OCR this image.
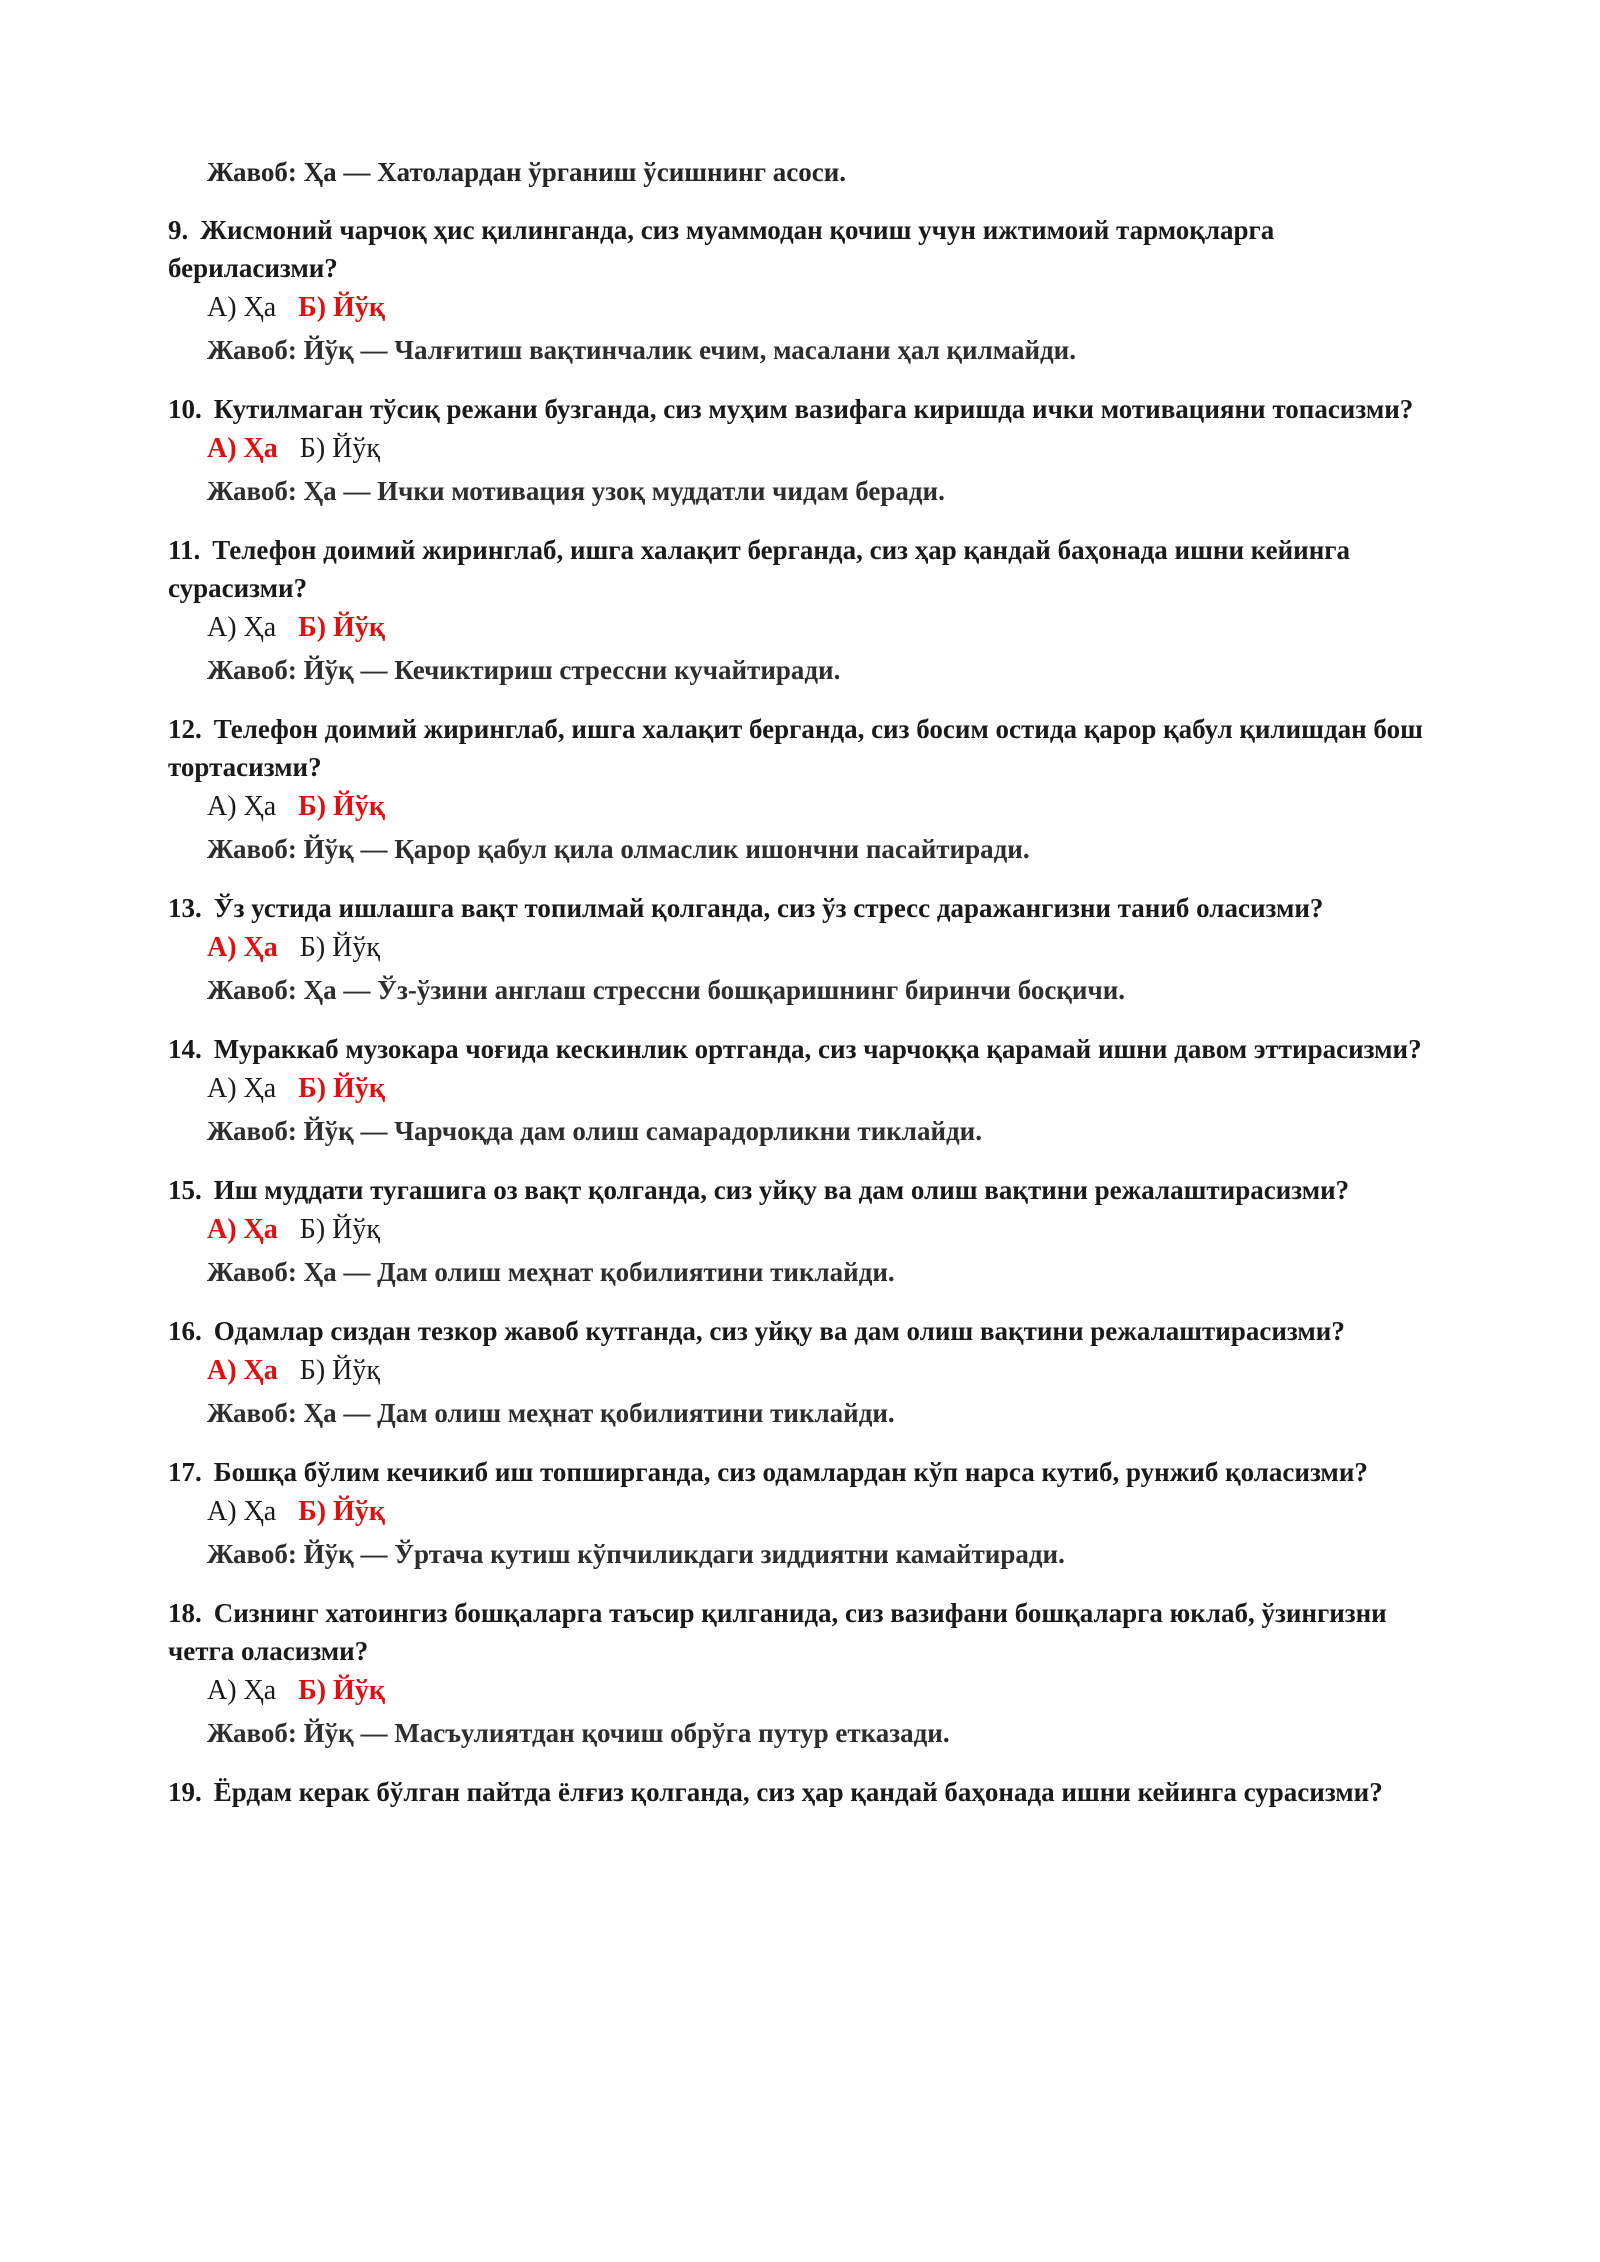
Жавоб: Ҳа — Хатолардан ўрганиш ўсишнинг асоси.
9. Жисмоний чарчоқ ҳис қилинганда, сиз муаммодан қочиш учун ижтимоий тармоқларга бериласизми?
А) Ҳа Б) Йўқ
Жавоб: Йўқ — Чалғитиш вақтинчалик ечим, масалани ҳал қилмайди.
10. Кутилмаган тўсиқ режани бузганда, сиз муҳим вазифага киришда ички мотивацияни топасизми?
А) Ҳа Б) Йўқ
Жавоб: Ҳа — Ички мотивация узоқ муддатли чидам беради.
11. Телефон доимий жиринглаб, ишга халақит берганда, сиз ҳар қандай баҳонада ишни кейинга сурасизми?
А) Ҳа Б) Йўқ
Жавоб: Йўқ — Кечиктириш стрессни кучайтиради.
12. Телефон доимий жиринглаб, ишга халақит берганда, сиз босим остида қарор қабул қилишдан бош тортасизми?
А) Ҳа Б) Йўқ
Жавоб: Йўқ — Қарор қабул қила олмаслик ишончни пасайтиради.
13. Ўз устида ишлашга вақт топилмай қолганда, сиз ўз стресс даражангизни таниб оласизми?
А) Ҳа Б) Йўқ
Жавоб: Ҳа — Ўз-ўзини англаш стрессни бошқаришнинг биринчи босқичи.
14. Мураккаб музокара чоғида кескинлик ортганда, сиз чарчоққа қарамай ишни давом эттирасизми?
А) Ҳа Б) Йўқ
Жавоб: Йўқ — Чарчоқда дам олиш самарадорликни тиклайди.
15. Иш муддати тугашига оз вақт қолганда, сиз уйқу ва дам олиш вақтини режалаштирасизми?
А) Ҳа Б) Йўқ
Жавоб: Ҳа — Дам олиш меҳнат қобилиятини тиклайди.
16. Одамлар сиздан тезкор жавоб кутганда, сиз уйқу ва дам олиш вақтини режалаштирасизми?
А) Ҳа Б) Йўқ
Жавоб: Ҳа — Дам олиш меҳнат қобилиятини тиклайди.
17. Бошқа бўлим кечикиб иш топширганда, сиз одамлардан кўп нарса кутиб, рунжиб қоласизми?
А) Ҳа Б) Йўқ
Жавоб: Йўқ — Ўртача кутиш кўпчиликдаги зиддиятни камайтиради.
18. Сизнинг хатоингиз бошқаларга таъсир қилганида, сиз вазифани бошқаларга юклаб, ўзингизни четга оласизми?
А) Ҳа Б) Йўқ
Жавоб: Йўқ — Масъулиятдан қочиш обрўга путур етказади.
19. Ёрдам керак бўлган пайтда ёлғиз қолганда, сиз ҳар қандай баҳонада ишни кейинга сурасизми?
